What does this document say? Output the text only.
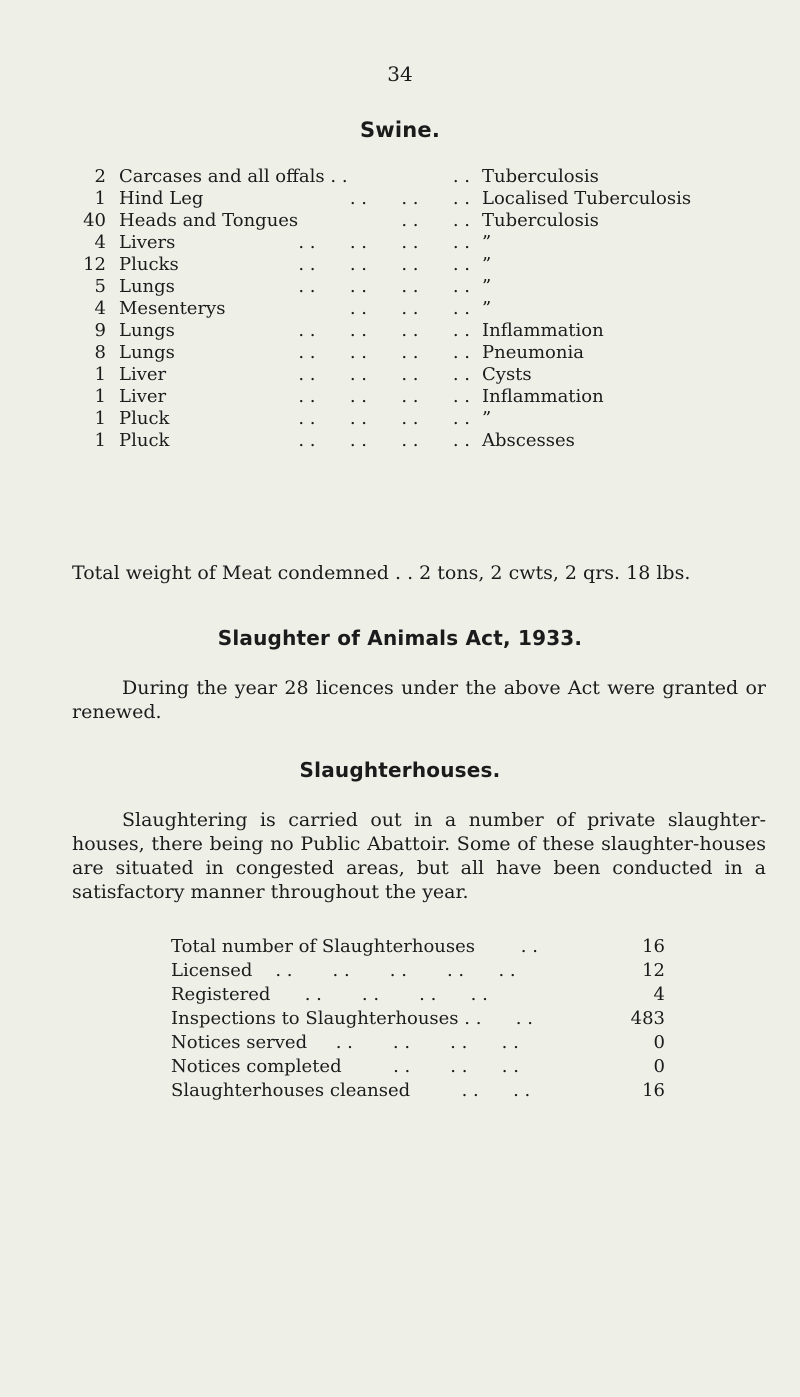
34
Swine.
2 Carcases and all offals . .	Tuberculosis
. .
1 Hind Leg	Localised Tuberculosis
. .      . .      . .
40 Heads and Tongues	Tuberculosis
. .      . .
4 Livers	”
. .      . .      . .      . .
12 Plucks	”
. .      . .      . .      . .
5 Lungs	”
. .      . .      . .      . .
4 Mesenterys	”
. .      . .      . .
9 Lungs	Inflammation
. .      . .      . .      . .
8 Lungs	Pneumonia
. .      . .      . .      . .
1 Liver	Cysts
. .      . .      . .      . .
1 Liver	Inflammation
. .      . .      . .      . .
1 Pluck	”
. .      . .      . .      . .
1 Pluck	Abscesses
. .      . .      . .      . .
Total weight of Meat condemned . . 2 tons, 2 cwts, 2 qrs. 18 lbs.
Slaughter of Animals Act, 1933.
During the year 28 licences under the above Act were granted or renewed.
Slaughterhouses.
Slaughtering is carried out in a number of private slaughter-houses, there being no Public Abattoir. Some of these slaughter-houses are situated in congested areas, but all have been conducted in a satisfactory manner throughout the year.
Total number of Slaughterhouses        . .	16
Licensed    . .       . .       . .       . .      . .	12
Registered      . .       . .       . .      . .	4
Inspections to Slaughterhouses . .      . .	483
Notices served     . .       . .       . .      . .	0
Notices completed         . .       . .      . .	0
Slaughterhouses cleansed         . .      . .	16
